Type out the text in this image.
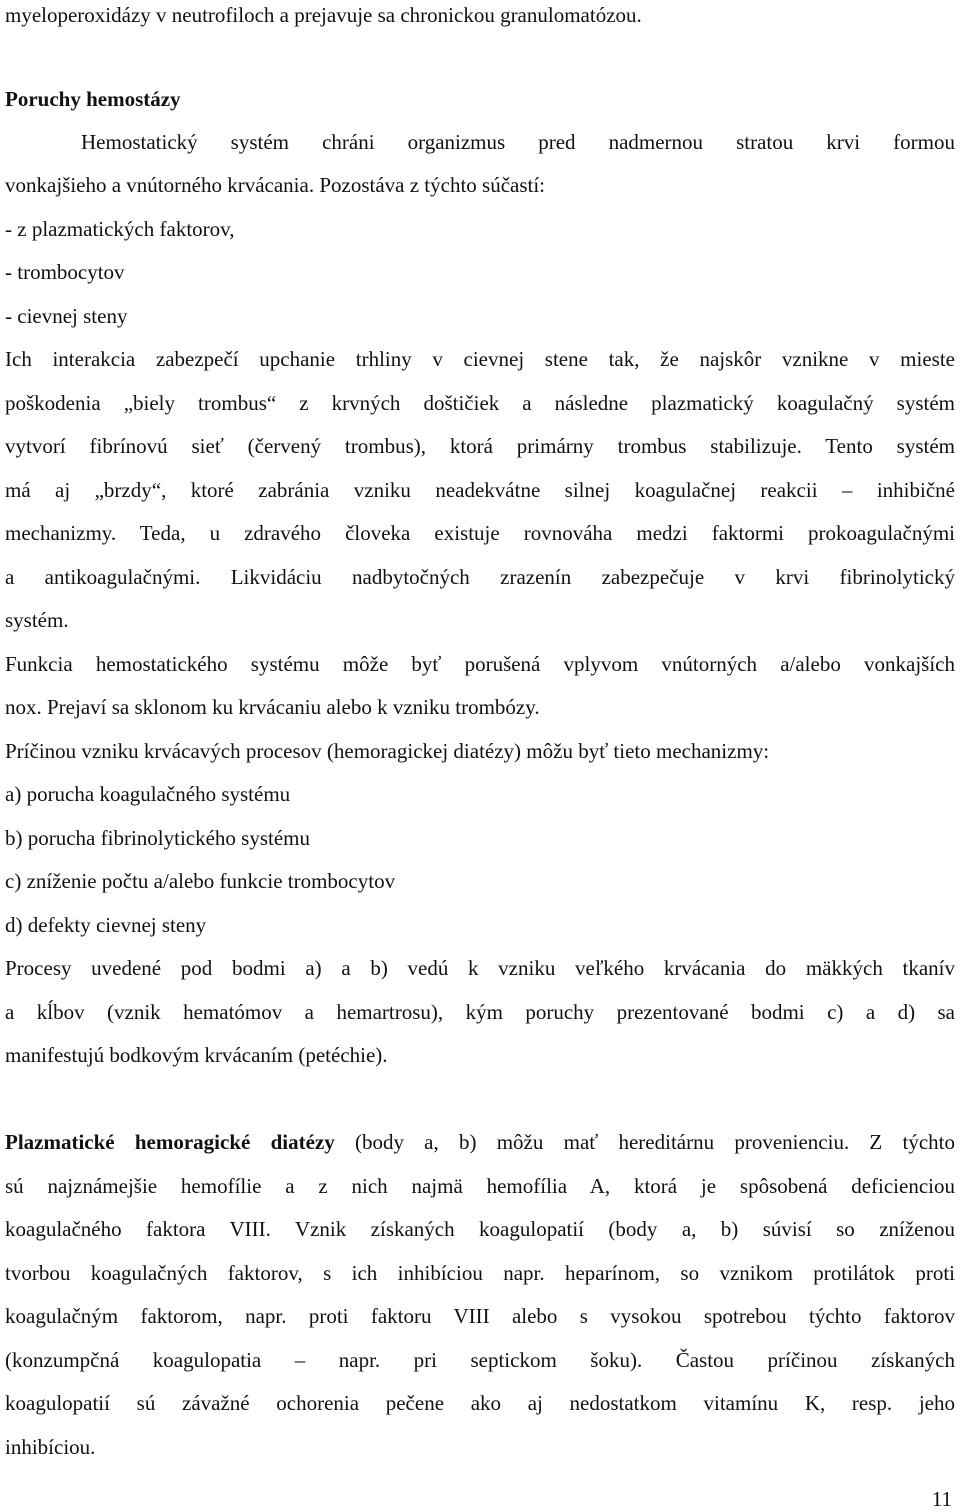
myeloperoxidázy v neutrofiloch a prejavuje sa chronickou granulomatózou.
Poruchy hemostázy
Hemostatický systém chráni organizmus pred nadmernou stratou krvi formou
vonkajšieho a vnútorného krvácania. Pozostáva z týchto súčastí:
- z plazmatických faktorov,
- trombocytov
- cievnej steny
Ich interakcia zabezpečí upchanie trhliny v cievnej stene tak, že najskôr vznikne v mieste
poškodenia „biely trombus“ z krvných doštičiek a následne plazmatický koagulačný systém
vytvorí fibrínovú sieť (červený trombus), ktorá primárny trombus stabilizuje. Tento systém
má aj „brzdy“, ktoré zabránia vzniku neadekvátne silnej koagulačnej reakcii – inhibičné
mechanizmy. Teda, u zdravého človeka existuje rovnováha medzi faktormi prokoagulačnými
a antikoagulačnými. Likvidáciu nadbytočných zrazenín zabezpečuje v krvi fibrinolytický
systém.
Funkcia hemostatického systému môže byť porušená vplyvom vnútorných a/alebo vonkajších
nox. Prejaví sa sklonom ku krvácaniu alebo k vzniku trombózy.
Príčinou vzniku krvácavých procesov (hemoragickej diatézy) môžu byť tieto mechanizmy:
a) porucha koagulačného systému
b) porucha fibrinolytického systému
c) zníženie počtu a/alebo funkcie trombocytov
d) defekty cievnej steny
Procesy uvedené pod bodmi a) a b) vedú k vzniku veľkého krvácania do mäkkých tkanív
a kĺbov (vznik hematómov a hemartrosu), kým poruchy prezentované bodmi c) a d) sa
manifestujú bodkovým krvácaním (petéchie).
Plazmatické hemoragické diatézy (body a, b) môžu mať hereditárnu provenienciu. Z týchto
sú najznámejšie hemofílie a z nich najmä hemofília A, ktorá je spôsobená deficienciou
koagulačného faktora VIII. Vznik získaných koagulopatií (body a, b) súvisí so zníženou
tvorbou koagulačných faktorov, s ich inhibíciou napr. heparínom, so vznikom protilátok proti
koagulačným faktorom, napr. proti faktoru VIII alebo s vysokou spotrebou týchto faktorov
(konzumpčná koagulopatia – napr. pri septickom šoku). Častou príčinou získaných
koagulopatií sú závažné ochorenia pečene ako aj nedostatkom vitamínu K, resp. jeho
inhibíciou.
11
